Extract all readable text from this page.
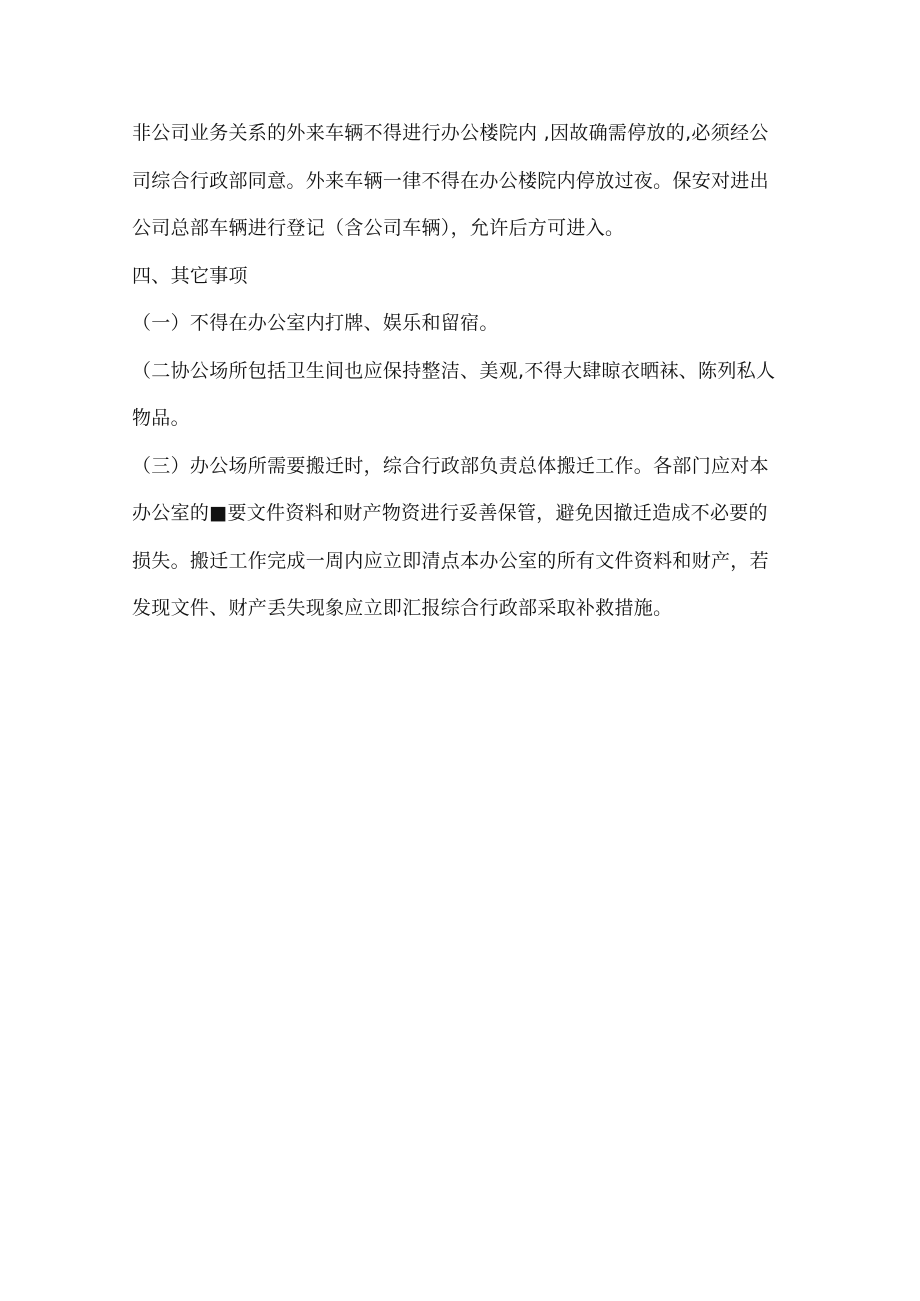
非公司业务关系的外来车辆不得进行办公楼院内 ,因故确需停放的,必须经公
司综合行政部同意。外来车辆一律不得在办公楼院内停放过夜。保安对进出
公司总部车辆进行登记（含公司车辆），允许后方可进入。

四、其它事项

（一）不得在办公室内打牌、娱乐和留宿。

（二协公场所包括卫生间也应保持整洁、美观,不得大肆晾衣晒袜、陈列私人
物品。

（三）办公场所需要搬迁时，综合行政部负责总体搬迁工作。各部门应对本
办公室的■要文件资料和财产物资进行妥善保管，避免因撤迁造成不必要的
损失。搬迁工作完成一周内应立即清点本办公室的所有文件资料和财产，若
发现文件、财产丢失现象应立即汇报综合行政部采取补救措施。
